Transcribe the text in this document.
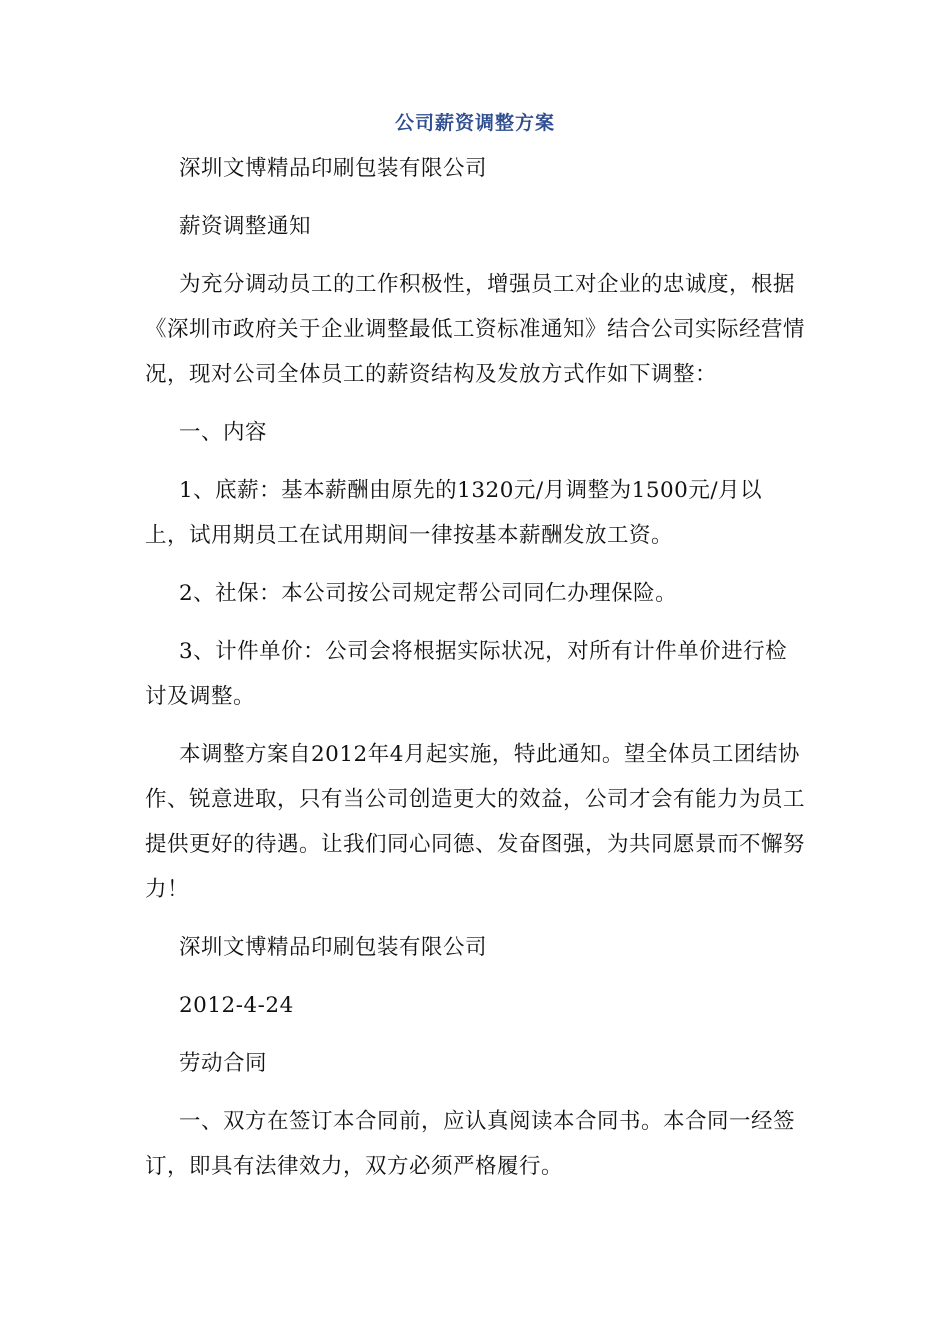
公司薪资调整方案

深圳文博精品印刷包装有限公司

薪资调整通知

为充分调动员工的工作积极性，增强员工对企业的忠诚度，根据《深圳市政府关于企业调整最低工资标准通知》结合公司实际经营情况，现对公司全体员工的薪资结构及发放方式作如下调整：

一、内容

1、底薪：基本薪酬由原先的1320元/月调整为1500元/月以上，试用期员工在试用期间一律按基本薪酬发放工资。

2、社保：本公司按公司规定帮公司同仁办理保险。

3、计件单价：公司会将根据实际状况，对所有计件单价进行检讨及调整。

本调整方案自2012年4月起实施，特此通知。望全体员工团结协作、锐意进取，只有当公司创造更大的效益，公司才会有能力为员工提供更好的待遇。让我们同心同德、发奋图强，为共同愿景而不懈努力！

深圳文博精品印刷包装有限公司

2012-4-24

劳动合同

一、双方在签订本合同前，应认真阅读本合同书。本合同一经签订，即具有法律效力，双方必须严格履行。
